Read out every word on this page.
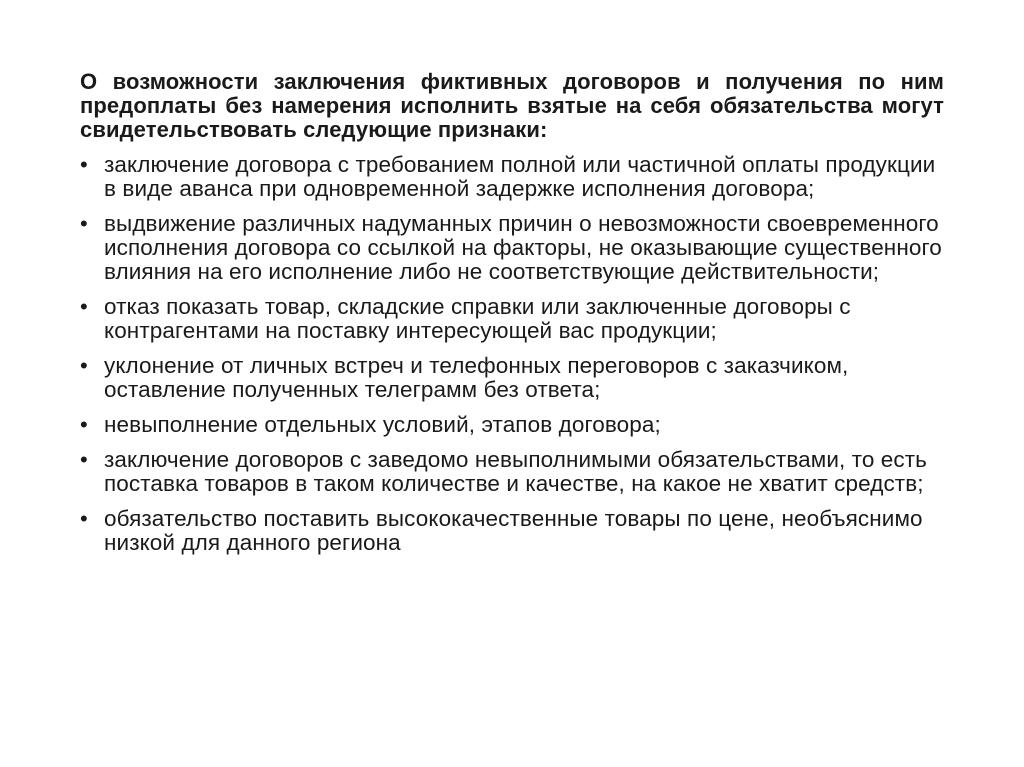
О возможности заключения фиктивных договоров и получения по ним предоплаты без намерения исполнить взятые на себя обязательства могут свидетельствовать следующие признаки:

• заключение договора с требованием полной или частичной оплаты продукции в виде аванса при одновременной задержке исполнения договора;
• выдвижение различных надуманных причин о невозможности своевременного исполнения договора со ссылкой на факторы, не оказывающие существенного влияния на его исполнение либо не соответствующие действительности;
• отказ показать товар, складские справки или заключенные договоры с контрагентами на поставку интересующей вас продукции;
• уклонение от личных встреч и телефонных переговоров с заказчиком, оставление полученных телеграмм без ответа;
• невыполнение отдельных условий, этапов договора;
• заключение договоров с заведомо невыполнимыми обязательствами, то есть поставка товаров в таком количестве и качестве, на какое не хватит средств;
• обязательство поставить высококачественные товары по цене, необъяснимо низкой для данного региона
